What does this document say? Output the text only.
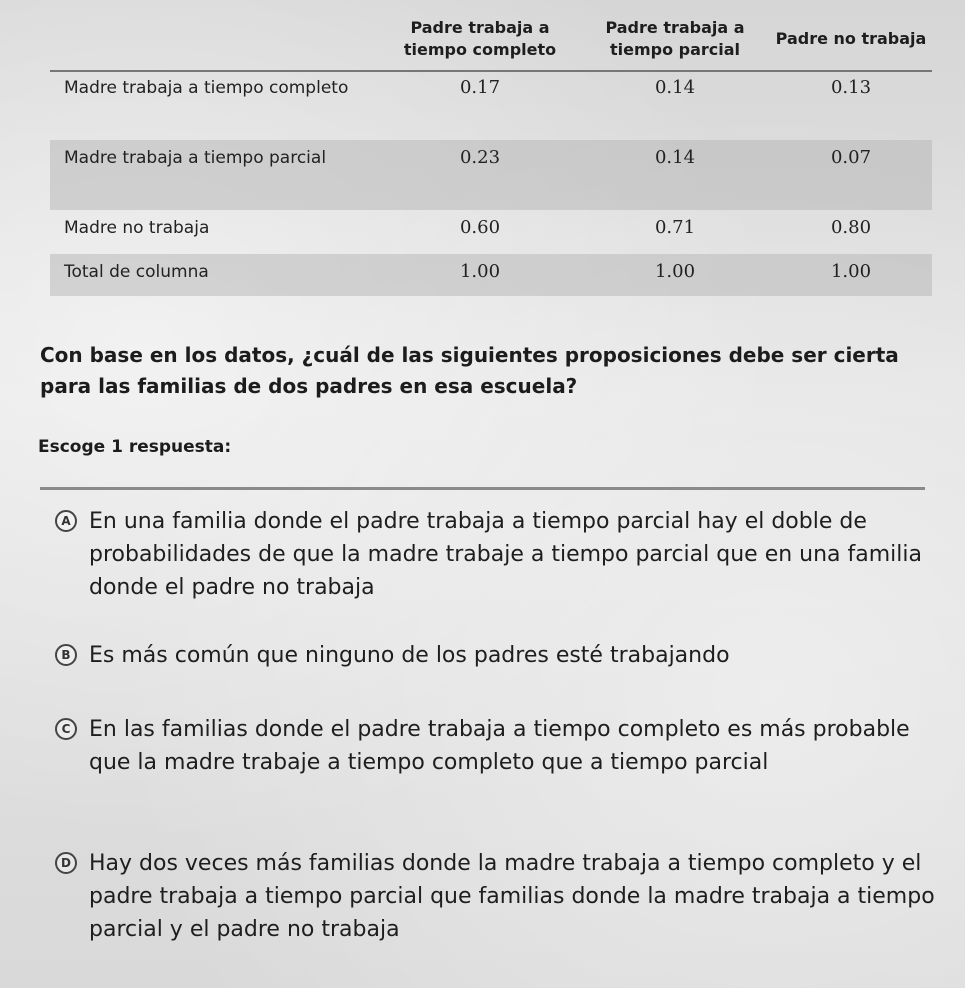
	Padre trabaja a tiempo completo	Padre trabaja a tiempo parcial	Padre no trabaja
Madre trabaja a tiempo completo	0.17	0.14	0.13
Madre trabaja a tiempo parcial	0.23	0.14	0.07
Madre no trabaja	0.60	0.71	0.80
Total de columna	1.00	1.00	1.00
Con base en los datos, ¿cuál de las siguientes proposiciones debe ser cierta para las familias de dos padres en esa escuela?
Escoge 1 respuesta:
A En una familia donde el padre trabaja a tiempo parcial hay el doble de probabilidades de que la madre trabaje a tiempo parcial que en una familia donde el padre no trabaja
B Es más común que ninguno de los padres esté trabajando
C En las familias donde el padre trabaja a tiempo completo es más probable que la madre trabaje a tiempo completo que a tiempo parcial
D Hay dos veces más familias donde la madre trabaja a tiempo completo y el padre trabaja a tiempo parcial que familias donde la madre trabaja a tiempo parcial y el padre no trabaja
